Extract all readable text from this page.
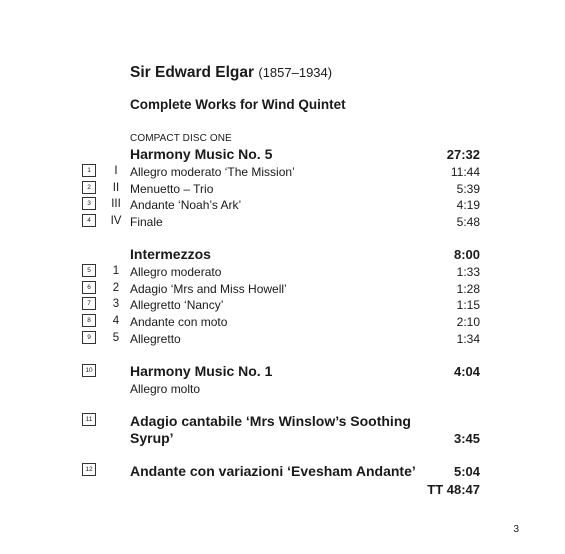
Sir Edward Elgar (1857–1934)
Complete Works for Wind Quintet
COMPACT DISC ONE
Harmony Music No. 5	27:32
1	I	Allegro moderato ‘The Mission’	11:44
2	II Menuetto – Trio	5:39
3	III Andante ‘Noah’s Ark’	4:19
4	IV Finale	5:48
Intermezzos	8:00
5	1 Allegro moderato	1:33
6	2 Adagio ‘Mrs and Miss Howell’	1:28
7	3 Allegretto ‘Nancy’	1:15
8	4 Andante con moto	2:10
9	5 Allegretto	1:34
10	Harmony Music No. 1	4:04
Allegro molto
11	Adagio cantabile ‘Mrs Winslow’s Soothing
Syrup’	3:45
12	Andante con variazioni ‘Evesham Andante’	5:04
TT 48:47
3
